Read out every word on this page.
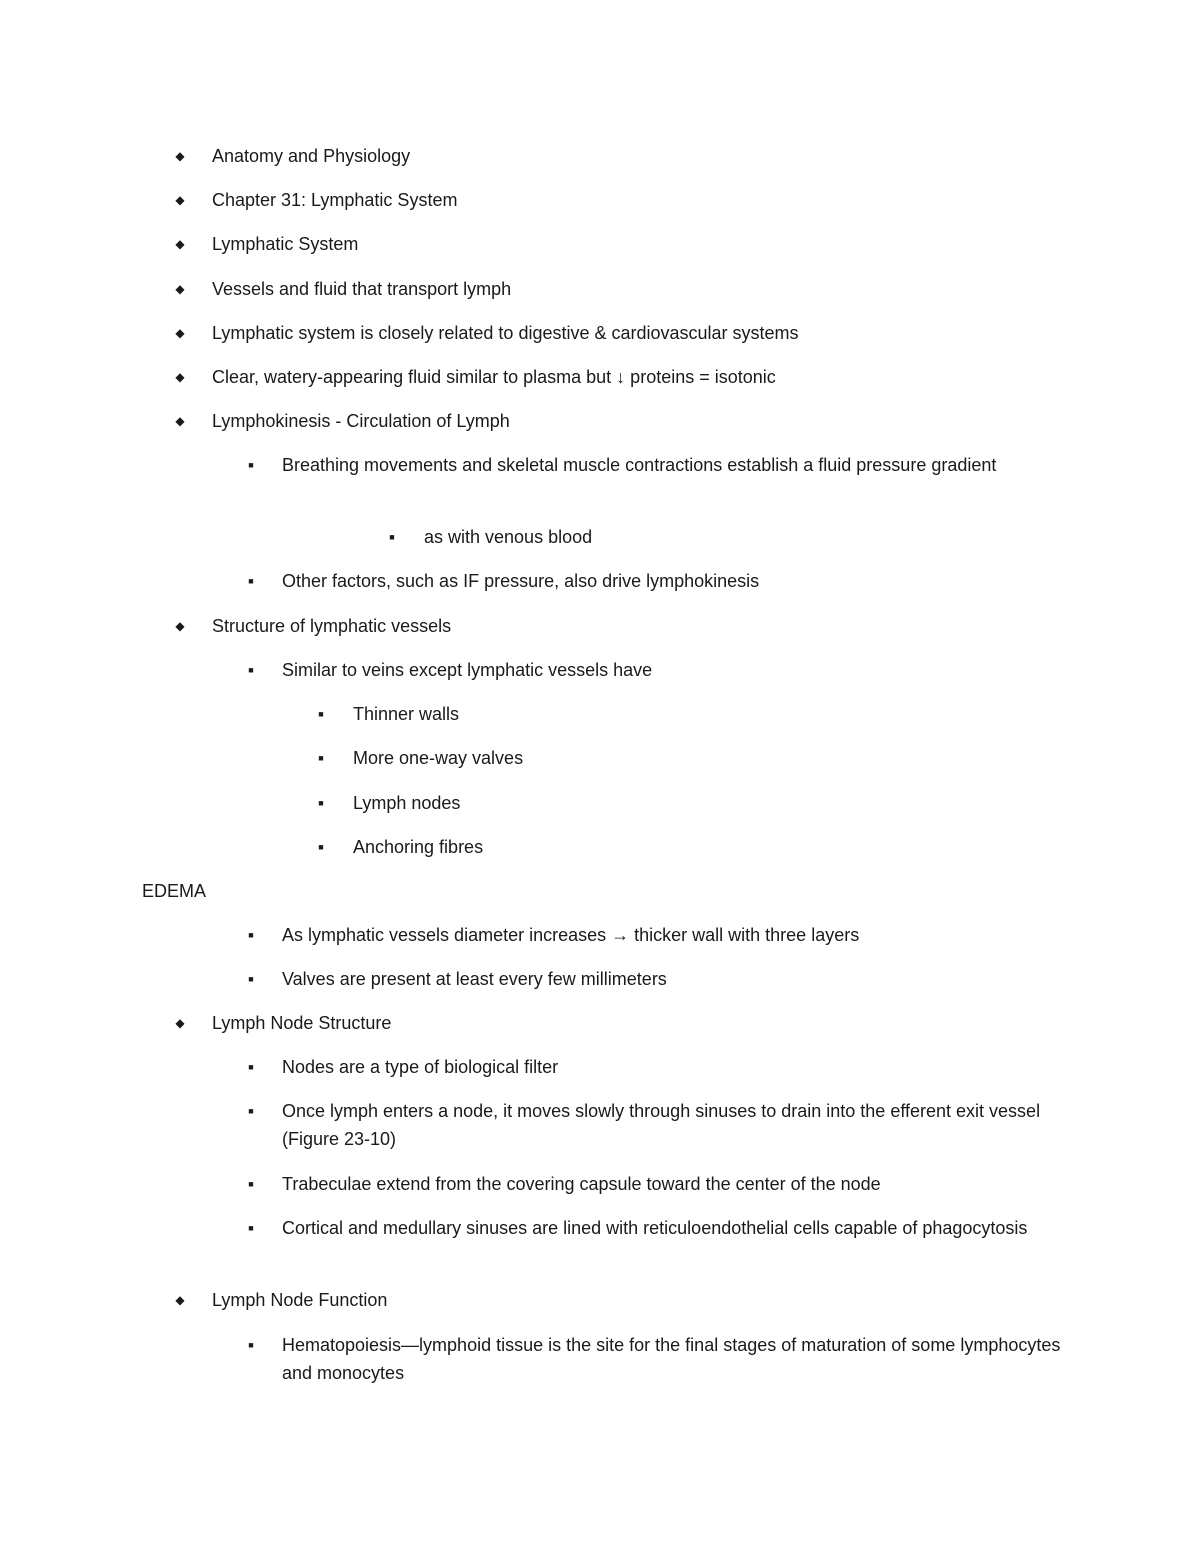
◆ Anatomy and Physiology
◆ Chapter 31: Lymphatic System
◆ Lymphatic System
◆ Vessels and fluid that transport lymph
◆ Lymphatic system is closely related to digestive & cardiovascular systems
◆ Clear, watery-appearing fluid similar to plasma but ↓ proteins = isotonic
◆ Lymphokinesis - Circulation of Lymph
■ Breathing movements and skeletal muscle contractions establish a fluid pressure gradient
■ as with venous blood
■ Other factors, such as IF pressure, also drive lymphokinesis
◆ Structure of lymphatic vessels
■ Similar to veins except lymphatic vessels have
■ Thinner walls
■ More one-way valves
■ Lymph nodes
■ Anchoring fibres
EDEMA
■ As lymphatic vessels diameter increases → thicker wall with three layers
■ Valves are present at least every few millimeters
◆ Lymph Node Structure
■ Nodes are a type of biological filter
■ Once lymph enters a node, it moves slowly through sinuses to drain into the efferent exit vessel (Figure 23-10)
■ Trabeculae extend from the covering capsule toward the center of the node
■ Cortical and medullary sinuses are lined with reticuloendothelial cells capable of phagocytosis
◆ Lymph Node Function
■ Hematopoiesis—lymphoid tissue is the site for the final stages of maturation of some lymphocytes and monocytes
